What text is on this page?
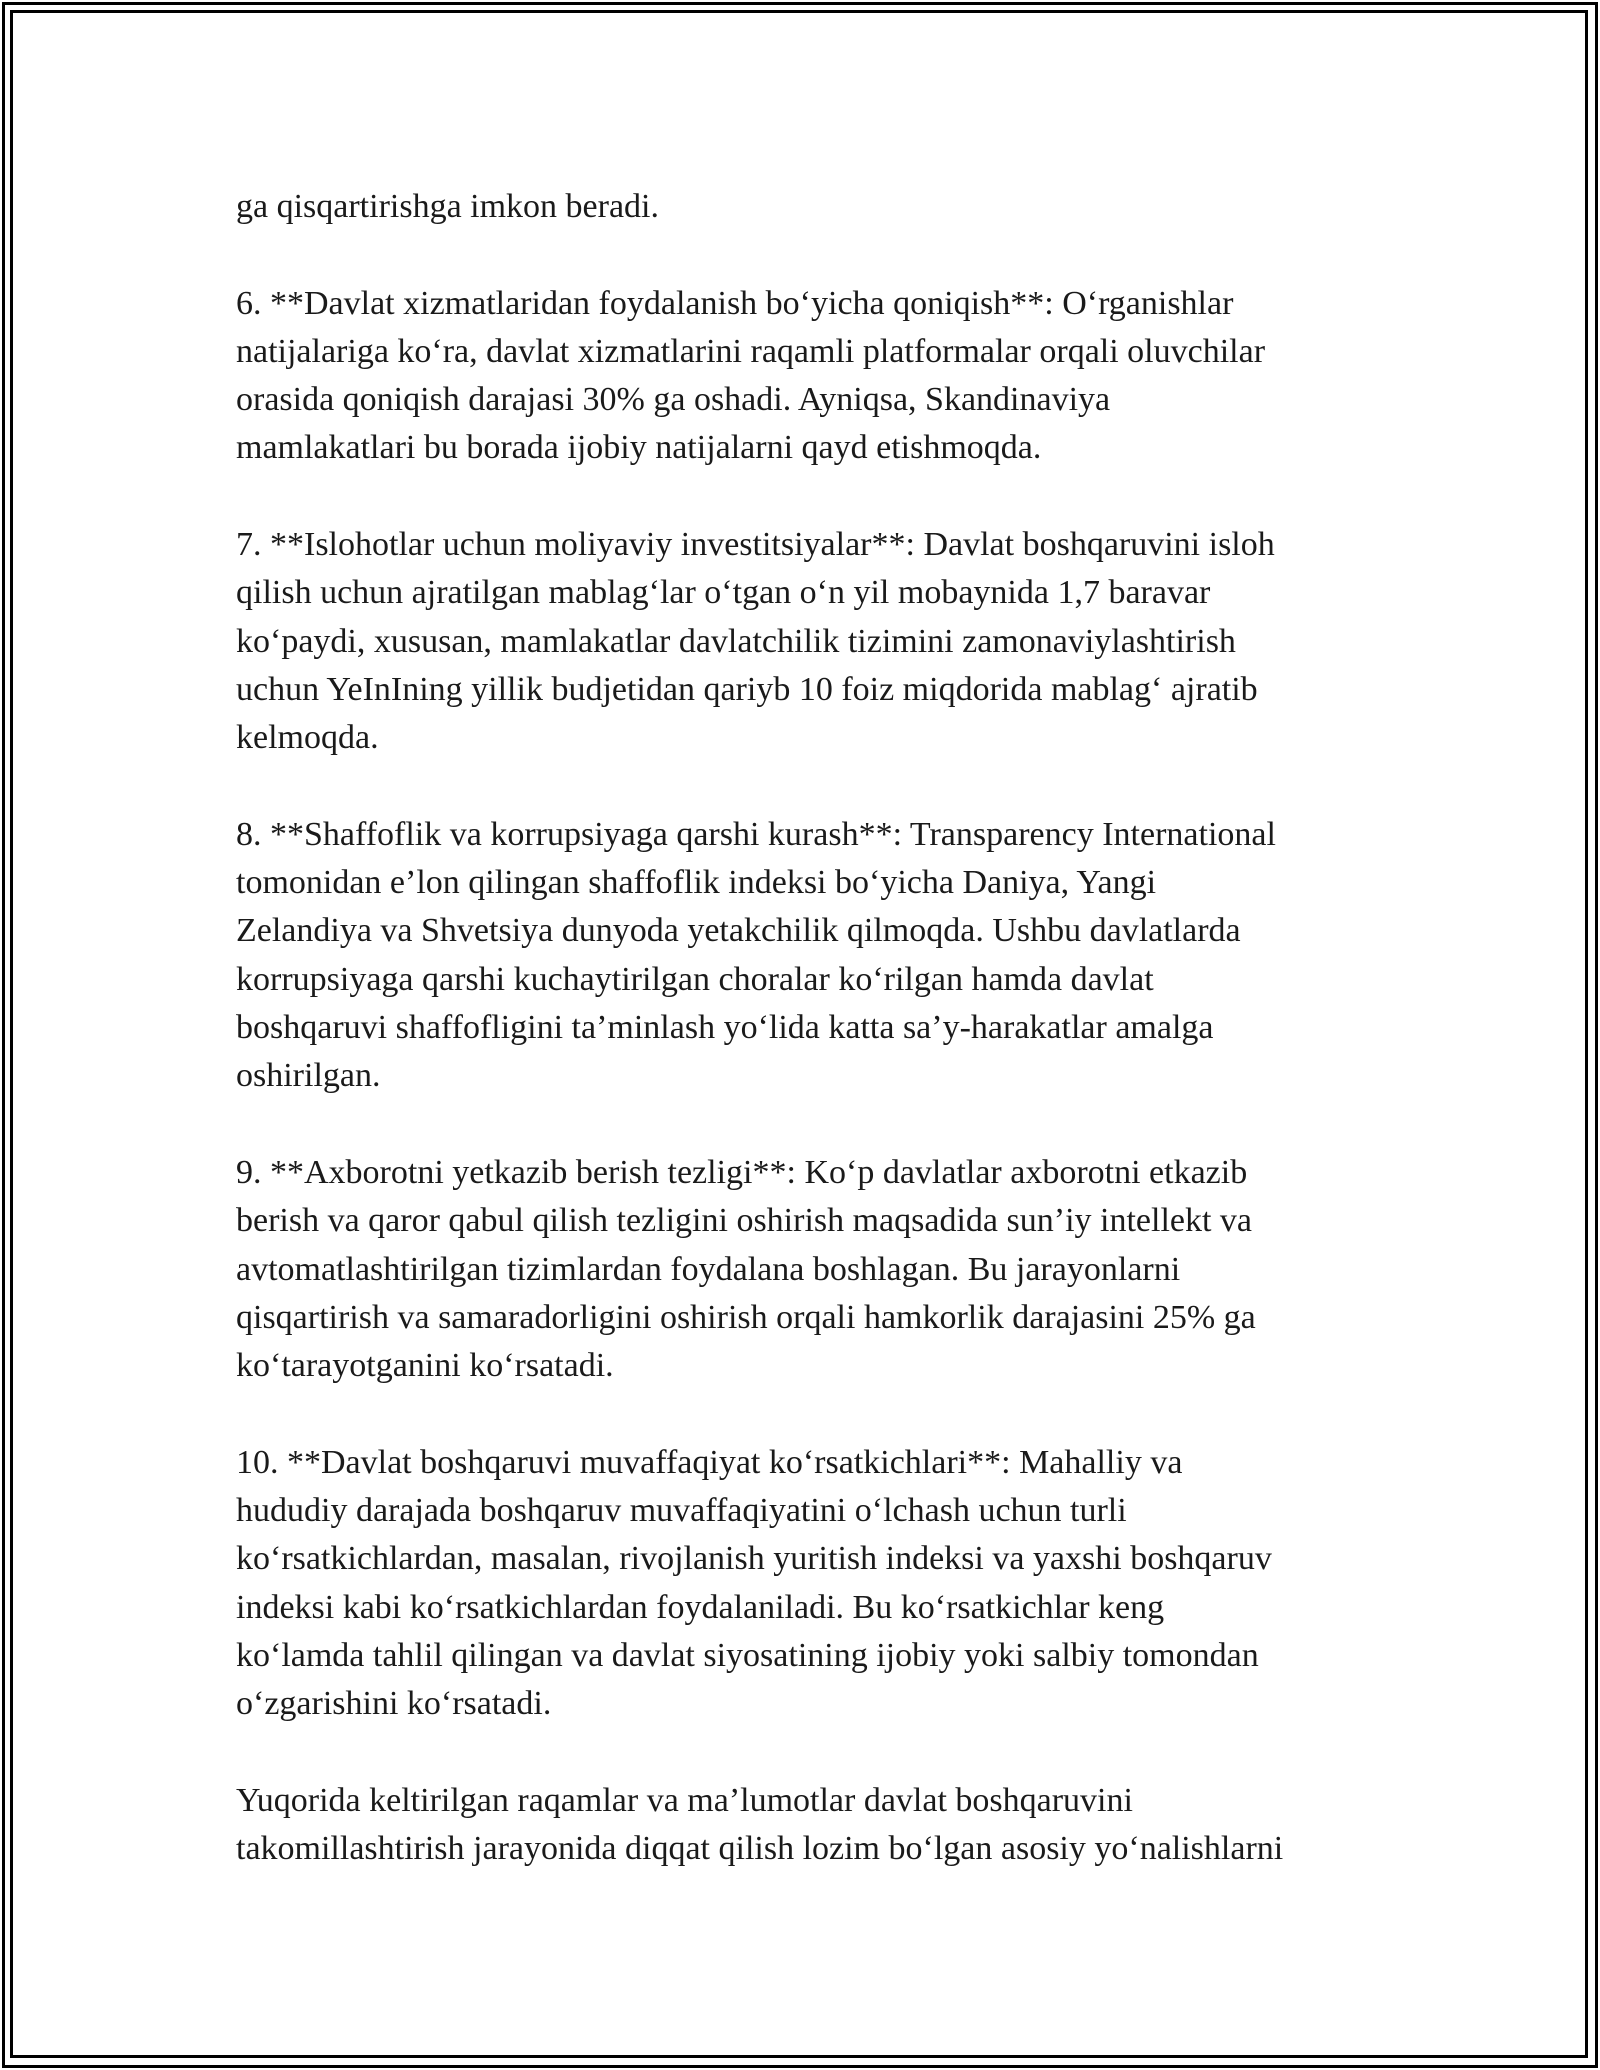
ga qisqartirishga imkon beradi.
6. **Davlat xizmatlaridan foydalanish bo‘yicha qoniqish**: O‘rganishlar
natijalariga ko‘ra, davlat xizmatlarini raqamli platformalar orqali oluvchilar
orasida qoniqish darajasi 30% ga oshadi. Ayniqsa, Skandinaviya
mamlakatlari bu borada ijobiy natijalarni qayd etishmoqda.
7. **Islohotlar uchun moliyaviy investitsiyalar**: Davlat boshqaruvini isloh
qilish uchun ajratilgan mablag‘lar o‘tgan o‘n yil mobaynida 1,7 baravar
ko‘paydi, xususan, mamlakatlar davlatchilik tizimini zamonaviylashtirish
uchun YeInIning yillik budjetidan qariyb 10 foiz miqdorida mablag‘ ajratib
kelmoqda.
8. **Shaffoflik va korrupsiyaga qarshi kurash**: Transparency International
tomonidan e’lon qilingan shaffoflik indeksi bo‘yicha Daniya, Yangi
Zelandiya va Shvetsiya dunyoda yetakchilik qilmoqda. Ushbu davlatlarda
korrupsiyaga qarshi kuchaytirilgan choralar ko‘rilgan hamda davlat
boshqaruvi shaffofligini ta’minlash yo‘lida katta sa’y-harakatlar amalga
oshirilgan.
9. **Axborotni yetkazib berish tezligi**: Ko‘p davlatlar axborotni etkazib
berish va qaror qabul qilish tezligini oshirish maqsadida sun’iy intellekt va
avtomatlashtirilgan tizimlardan foydalana boshlagan. Bu jarayonlarni
qisqartirish va samaradorligini oshirish orqali hamkorlik darajasini 25% ga
ko‘tarayotganini ko‘rsatadi.
10. **Davlat boshqaruvi muvaffaqiyat ko‘rsatkichlari**: Mahalliy va
hududiy darajada boshqaruv muvaffaqiyatini o‘lchash uchun turli
ko‘rsatkichlardan, masalan, rivojlanish yuritish indeksi va yaxshi boshqaruv
indeksi kabi ko‘rsatkichlardan foydalaniladi. Bu ko‘rsatkichlar keng
ko‘lamda tahlil qilingan va davlat siyosatining ijobiy yoki salbiy tomondan
o‘zgarishini ko‘rsatadi.
Yuqorida keltirilgan raqamlar va ma’lumotlar davlat boshqaruvini
takomillashtirish jarayonida diqqat qilish lozim bo‘lgan asosiy yo‘nalishlarni
